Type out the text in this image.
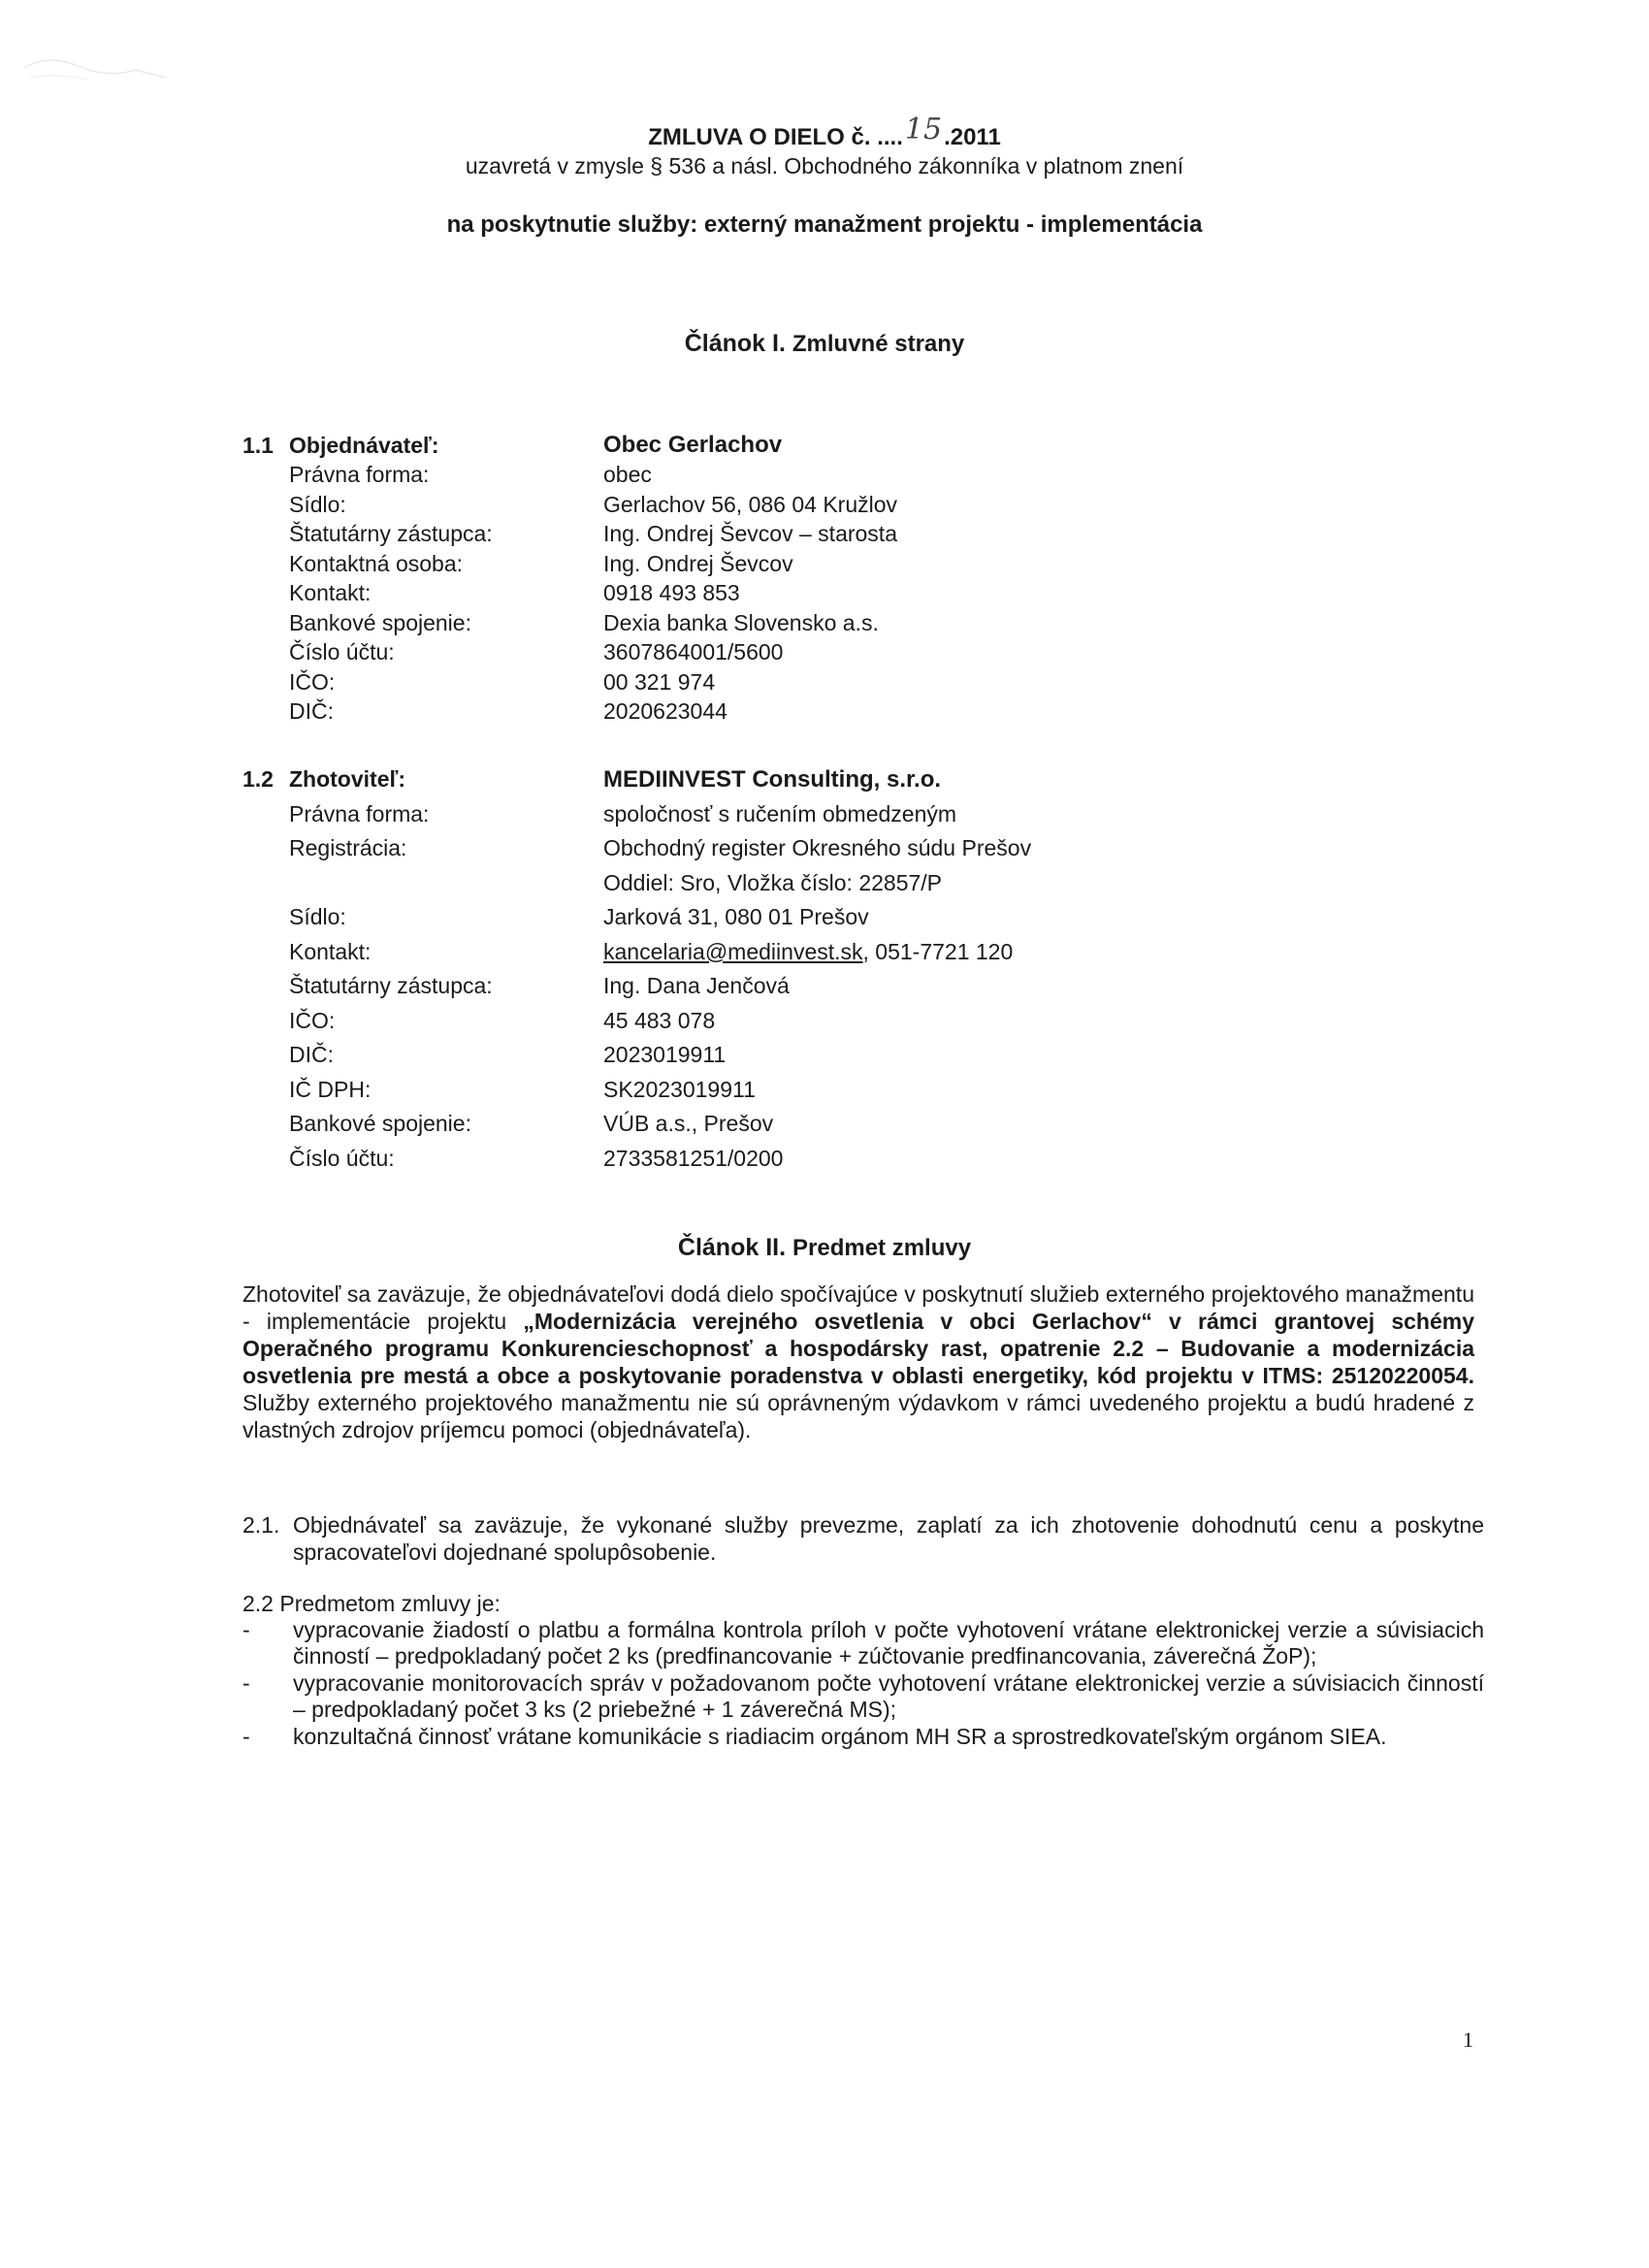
ZMLUVA O DIELO č. ....15.2011
uzavretá v zmysle § 536 a násl. Obchodného zákonníka v platnom znení
na poskytnutie služby: externý manažment projektu - implementácia
Článok I. Zmluvné strany
1.1 Objednávateľ:	Obec Gerlachov
Právna forma:	obec
Sídlo:	Gerlachov 56, 086 04 Kružlov
Štatutárny zástupca:	Ing. Ondrej Ševcov – starosta
Kontaktná osoba:	Ing. Ondrej Ševcov
Kontakt:	0918 493 853
Bankové spojenie:	Dexia banka Slovensko a.s.
Číslo účtu:	3607864001/5600
IČO:	00 321 974
DIČ:	2020623044
1.2 Zhotoviteľ:	MEDIINVEST Consulting, s.r.o.
Právna forma:	spoločnosť s ručením obmedzeným
Registrácia:	Obchodný register Okresného súdu Prešov
Oddiel: Sro, Vložka číslo: 22857/P
Sídlo:	Jarková 31, 080 01 Prešov
Kontakt:	kancelaria@mediinvest.sk, 051-7721 120
Štatutárny zástupca:	Ing. Dana Jenčová
IČO:	45 483 078
DIČ:	2023019911
IČ DPH:	SK2023019911
Bankové spojenie:	VÚB a.s., Prešov
Číslo účtu:	2733581251/0200
Článok II. Predmet zmluvy
Zhotoviteľ sa zaväzuje, že objednávateľovi dodá dielo spočívajúce v poskytnutí služieb externého projektového manažmentu - implementácie projektu „Modernizácia verejného osvetlenia v obci Gerlachov“ v rámci grantovej schémy Operačného programu Konkurencieschopnosť a hospodársky rast, opatrenie 2.2 – Budovanie a modernizácia osvetlenia pre mestá a obce a poskytovanie poradenstva v oblasti energetiky, kód projektu v ITMS: 25120220054. Služby externého projektového manažmentu nie sú oprávneným výdavkom v rámci uvedeného projektu a budú hradené z vlastných zdrojov príjemcu pomoci (objednávateľa).
2.1. Objednávateľ sa zaväzuje, že vykonané služby prevezme, zaplatí za ich zhotovenie dohodnutú cenu a poskytne spracovateľovi dojednané spolupôsobenie.
2.2 Predmetom zmluvy je:
- vypracovanie žiadostí o platbu a formálna kontrola príloh v počte vyhotovení vrátane elektronickej verzie a súvisiacich činností – predpokladaný počet 2 ks (predfinancovanie + zúčtovanie predfinancovania, záverečná ŽoP);
- vypracovanie monitorovacích správ v požadovanom počte vyhotovení vrátane elektronickej verzie a súvisiacich činností – predpokladaný počet 3 ks (2 priebežné + 1 záverečná MS);
- konzultačná činnosť vrátane komunikácie s riadiacim orgánom MH SR a sprostredkovateľským orgánom SIEA.
1
